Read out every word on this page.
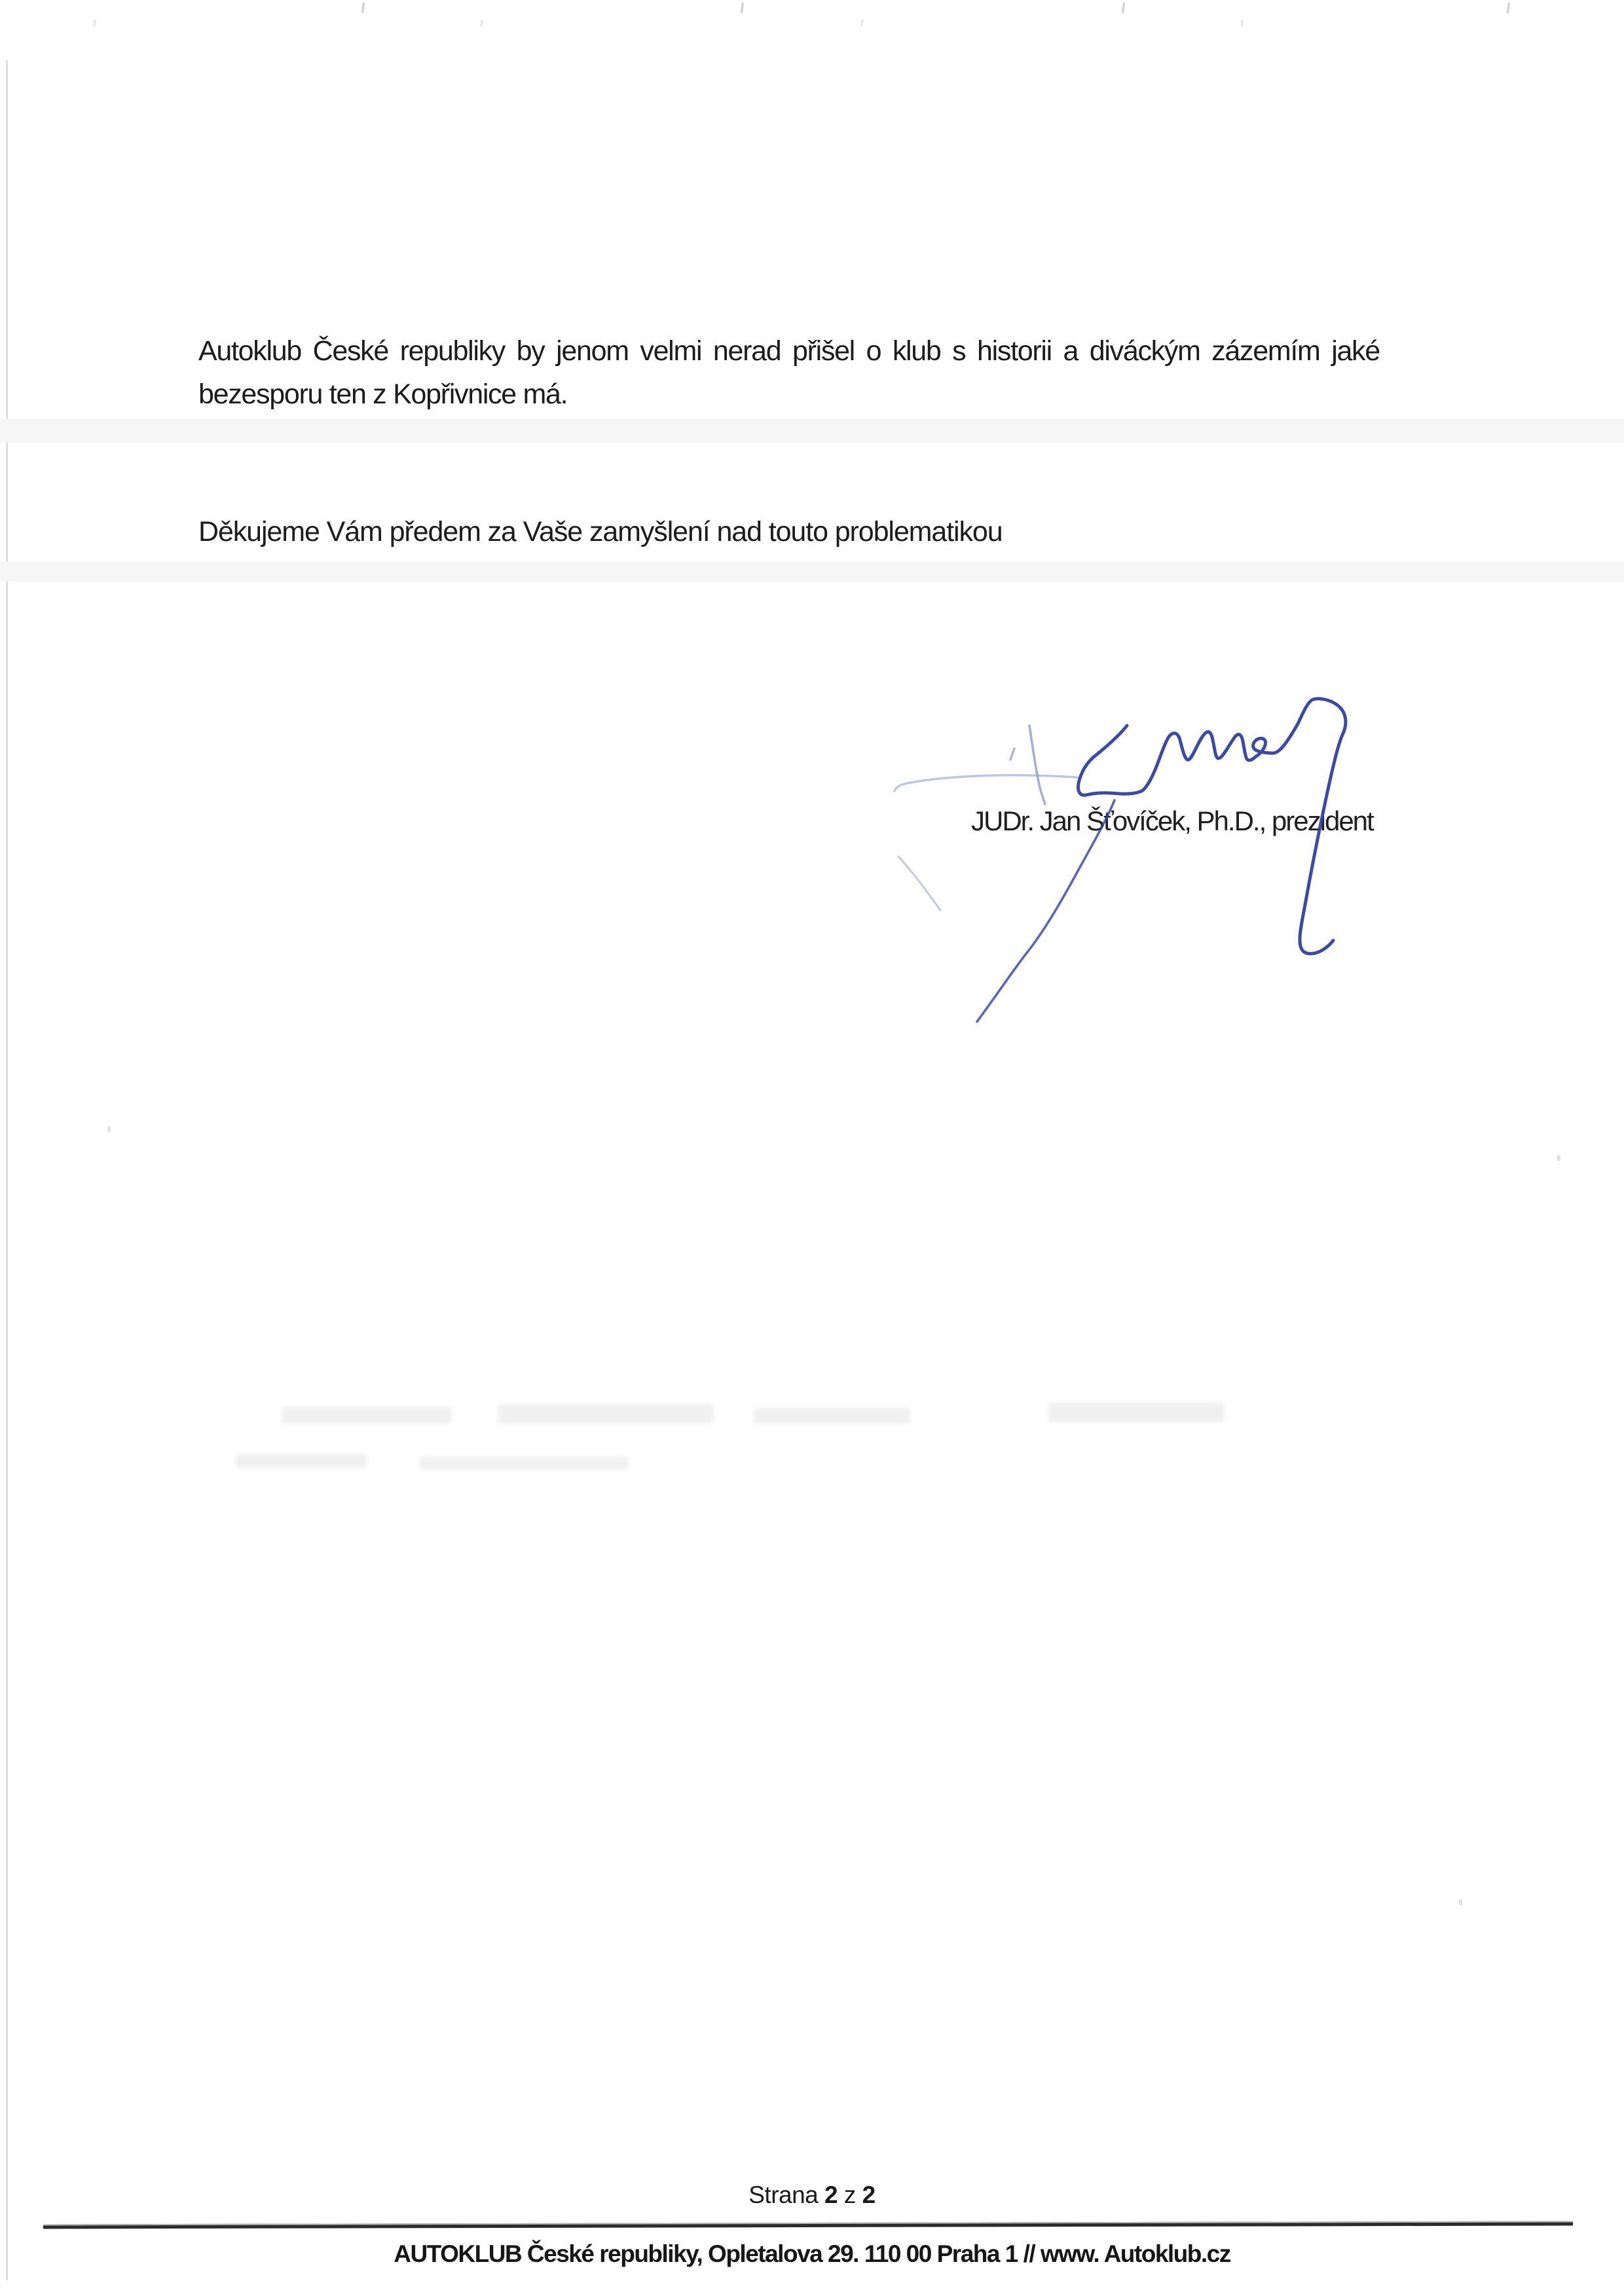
Autoklub České republiky by jenom velmi nerad přišel o klub s historii a diváckým zázemím jaké
bezesporu ten z Kopřivnice má.
Děkujeme Vám předem za Vaše zamyšlení nad touto problematikou
JUDr. Jan Šťovíček, Ph.D., prezident
Strana 2 z 2
AUTOKLUB České republiky, Opletalova 29. 110 00 Praha 1 // www. Autoklub.cz
